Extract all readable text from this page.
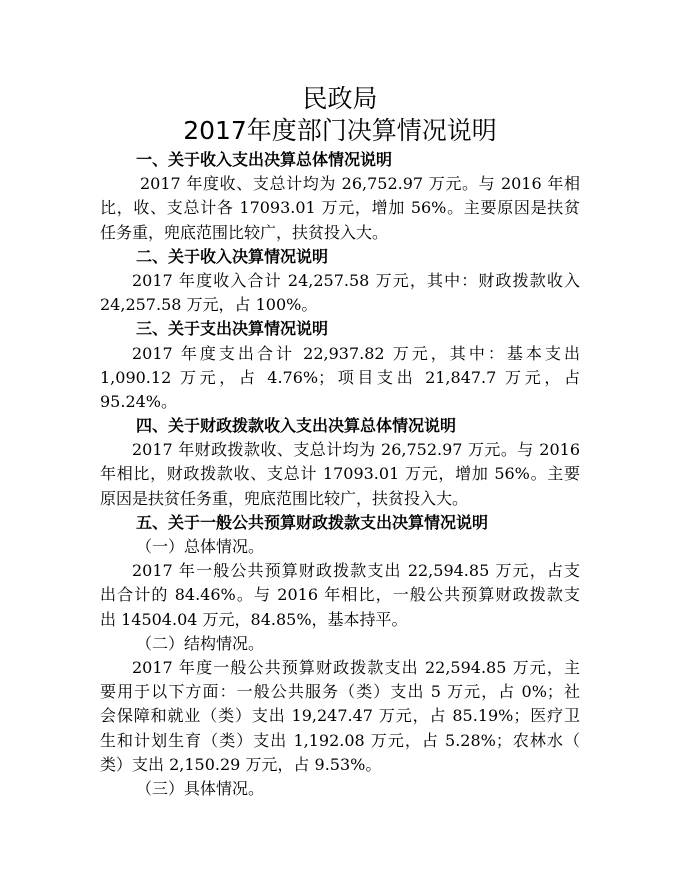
民政局
2017年度部门决算情况说明
一、关于收入支出决算总体情况说明
2017 年度收、支总计均为 26,752.97 万元。与 2016 年相
比，收、支总计各 17093.01 万元，增加 56%。主要原因是扶贫
任务重，兜底范围比较广，扶贫投入大。
二、关于收入决算情况说明
2017 年度收入合计 24,257.58 万元，其中：财政拨款收入
24,257.58 万元，占 100%。
三、关于支出决算情况说明
2017 年度支出合计 22,937.82 万元，其中：基本支出
1,090.12 万元，占 4.76%；项目支出 21,847.7 万元，占
95.24%。
四、关于财政拨款收入支出决算总体情况说明
2017 年财政拨款收、支总计均为 26,752.97 万元。与 2016
年相比，财政拨款收、支总计 17093.01 万元，增加 56%。主要
原因是扶贫任务重，兜底范围比较广，扶贫投入大。
五、关于一般公共预算财政拨款支出决算情况说明
（一）总体情况。
2017 年一般公共预算财政拨款支出 22,594.85 万元，占支
出合计的 84.46%。与 2016 年相比，一般公共预算财政拨款支
出 14504.04 万元，84.85%，基本持平。
（二）结构情况。
2017 年度一般公共预算财政拨款支出 22,594.85 万元，主
要用于以下方面：一般公共服务（类）支出 5 万元，占 0%；社
会保障和就业（类）支出 19,247.47 万元，占 85.19%；医疗卫
生和计划生育（类）支出 1,192.08 万元，占 5.28%；农林水（
类）支出 2,150.29 万元，占 9.53%。
（三）具体情况。
